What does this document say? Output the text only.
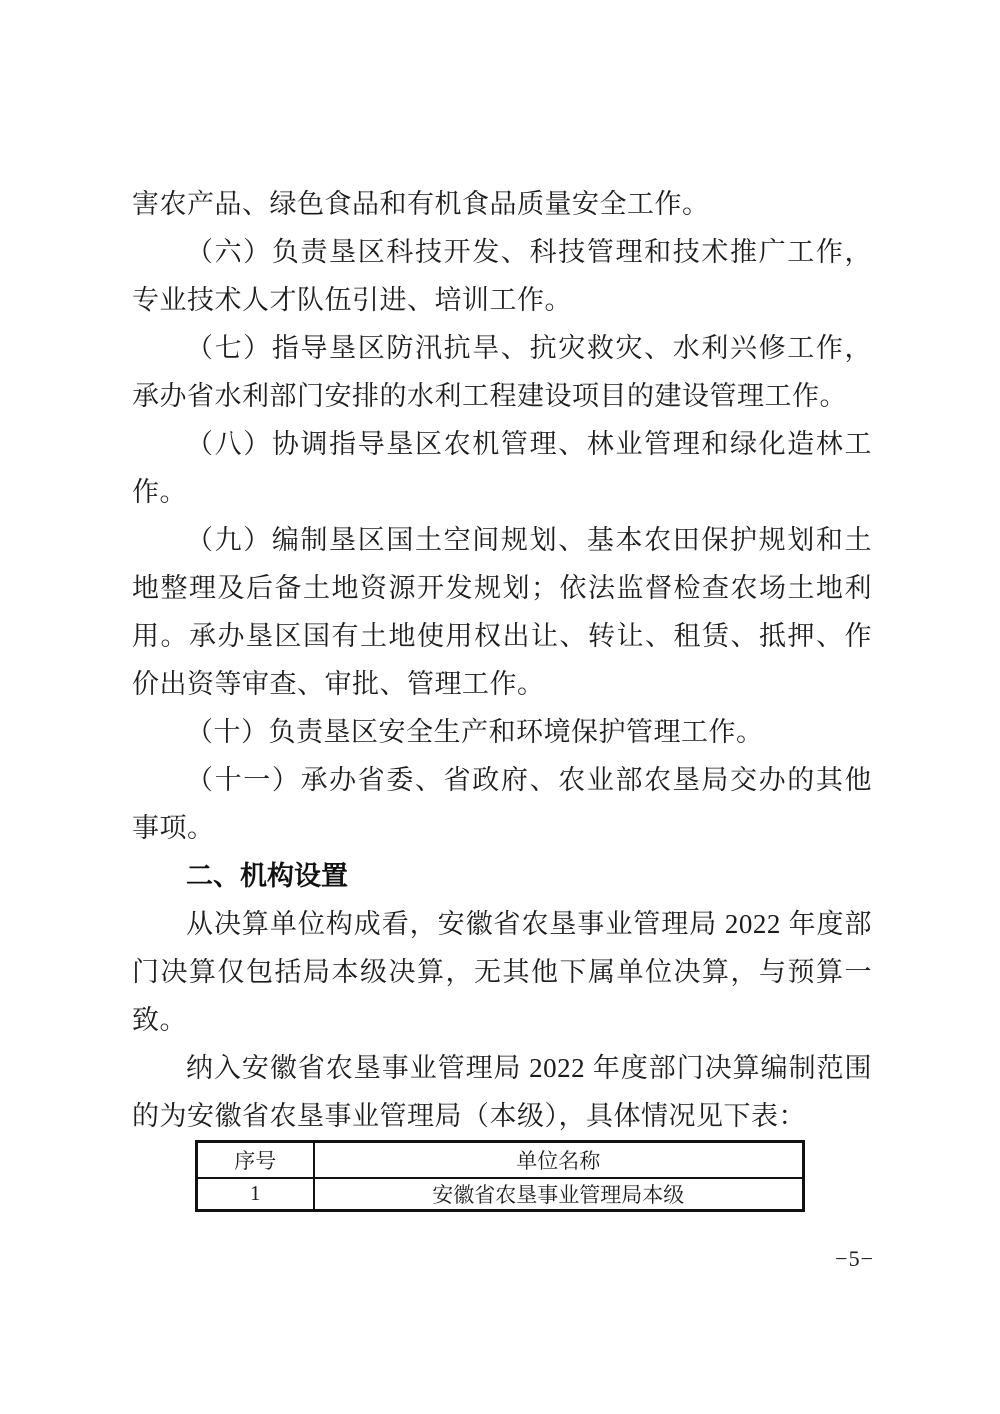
害农产品、绿色食品和有机食品质量安全工作。

（六）负责垦区科技开发、科技管理和技术推广工作，专业技术人才队伍引进、培训工作。

（七）指导垦区防汛抗旱、抗灾救灾、水利兴修工作，承办省水利部门安排的水利工程建设项目的建设管理工作。

（八）协调指导垦区农机管理、林业管理和绿化造林工作。

（九）编制垦区国土空间规划、基本农田保护规划和土地整理及后备土地资源开发规划；依法监督检查农场土地利用。承办垦区国有土地使用权出让、转让、租赁、抵押、作价出资等审查、审批、管理工作。

（十）负责垦区安全生产和环境保护管理工作。

（十一）承办省委、省政府、农业部农垦局交办的其他事项。

二、机构设置

从决算单位构成看，安徽省农垦事业管理局 2022 年度部门决算仅包括局本级决算，无其他下属单位决算，与预算一致。

纳入安徽省农垦事业管理局 2022 年度部门决算编制范围的为安徽省农垦事业管理局（本级），具体情况见下表：

序号	单位名称
1	安徽省农垦事业管理局本级
−5−
